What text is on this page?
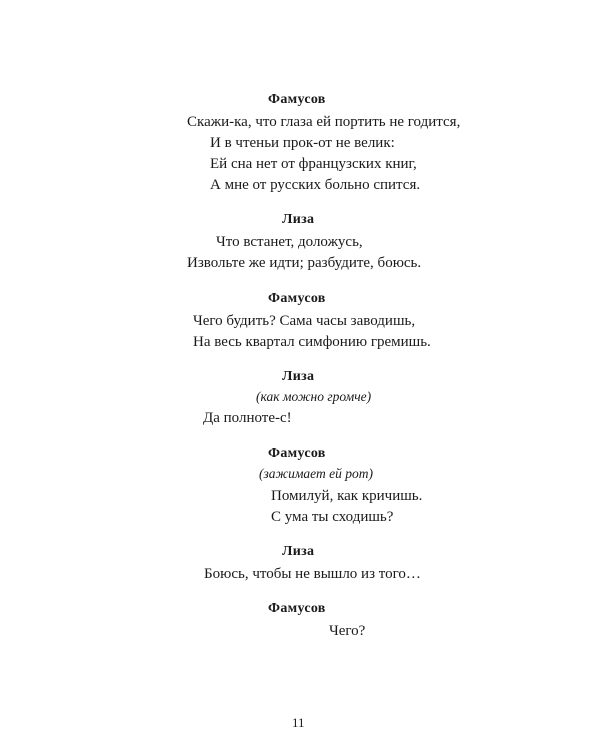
Фамусов
Скажи-ка, что глаза ей портить не годится,
И в чтеньи прок-от не велик:
Ей сна нет от французских книг,
А мне от русских больно спится.
Лиза
Что встанет, доложусь,
Извольте же идти; разбудите, боюсь.
Фамусов
Чего будить? Сама часы заводишь,
На весь квартал симфонию гремишь.
Лиза
(как можно громче)
Да полноте-с!
Фамусов
(зажимает ей рот)
Помилуй, как кричишь.
С ума ты сходишь?
Лиза
Боюсь, чтобы не вышло из того…
Фамусов
Чего?
11
